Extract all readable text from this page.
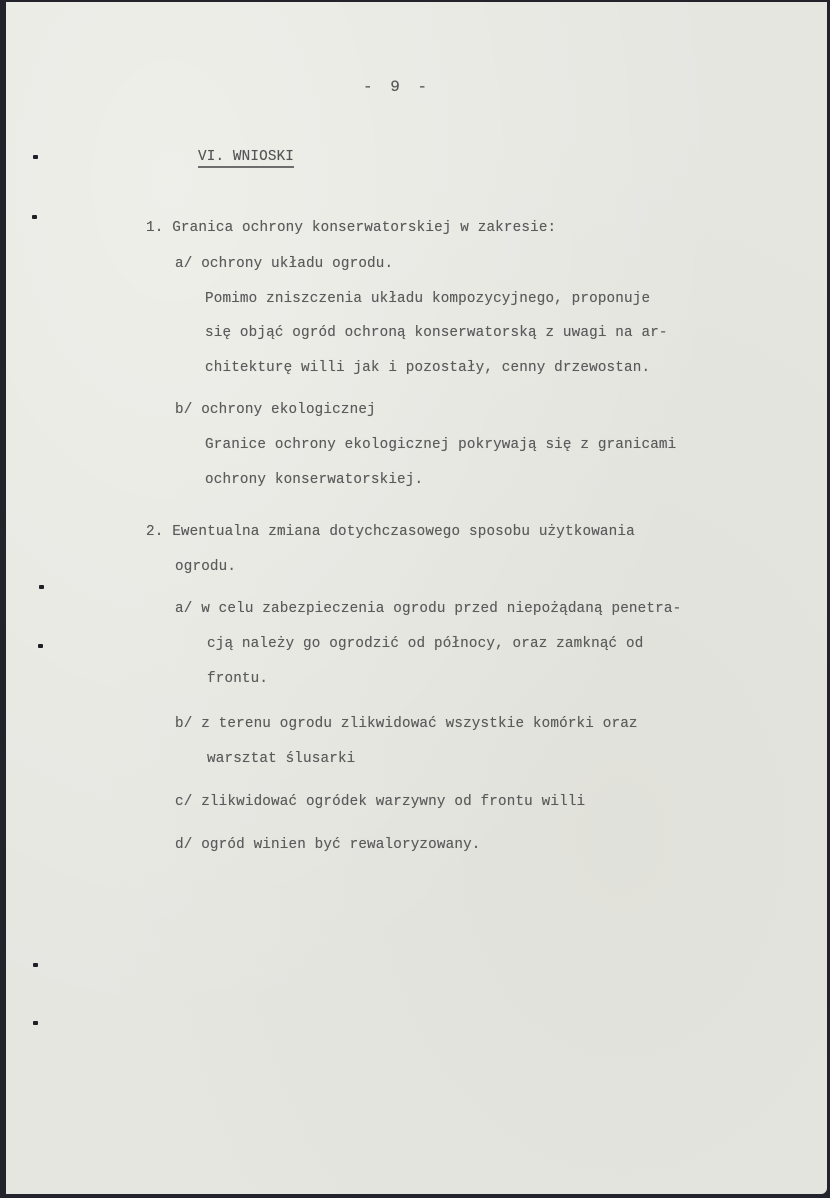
- 9 -
VI. WNIOSKI
1. Granica ochrony konserwatorskiej w zakresie:
a/ ochrony układu ogrodu.
Pomimo zniszczenia układu kompozycyjnego, proponuje
się objąć ogród ochroną konserwatorską z uwagi na ar-
chitekturę willi jak i pozostały, cenny drzewostan.
b/ ochrony ekologicznej
Granice ochrony ekologicznej pokrywają się z granicami
ochrony konserwatorskiej.
2. Ewentualna zmiana dotychczasowego sposobu użytkowania
ogrodu.
a/ w celu zabezpieczenia ogrodu przed niepożądaną penetra-
cją należy go ogrodzić od północy, oraz zamknąć od
frontu.
b/ z terenu ogrodu zlikwidować wszystkie komórki oraz
warsztat ślusarki
c/ zlikwidować ogródek warzywny od frontu willi
d/ ogród winien być rewaloryzowany.
